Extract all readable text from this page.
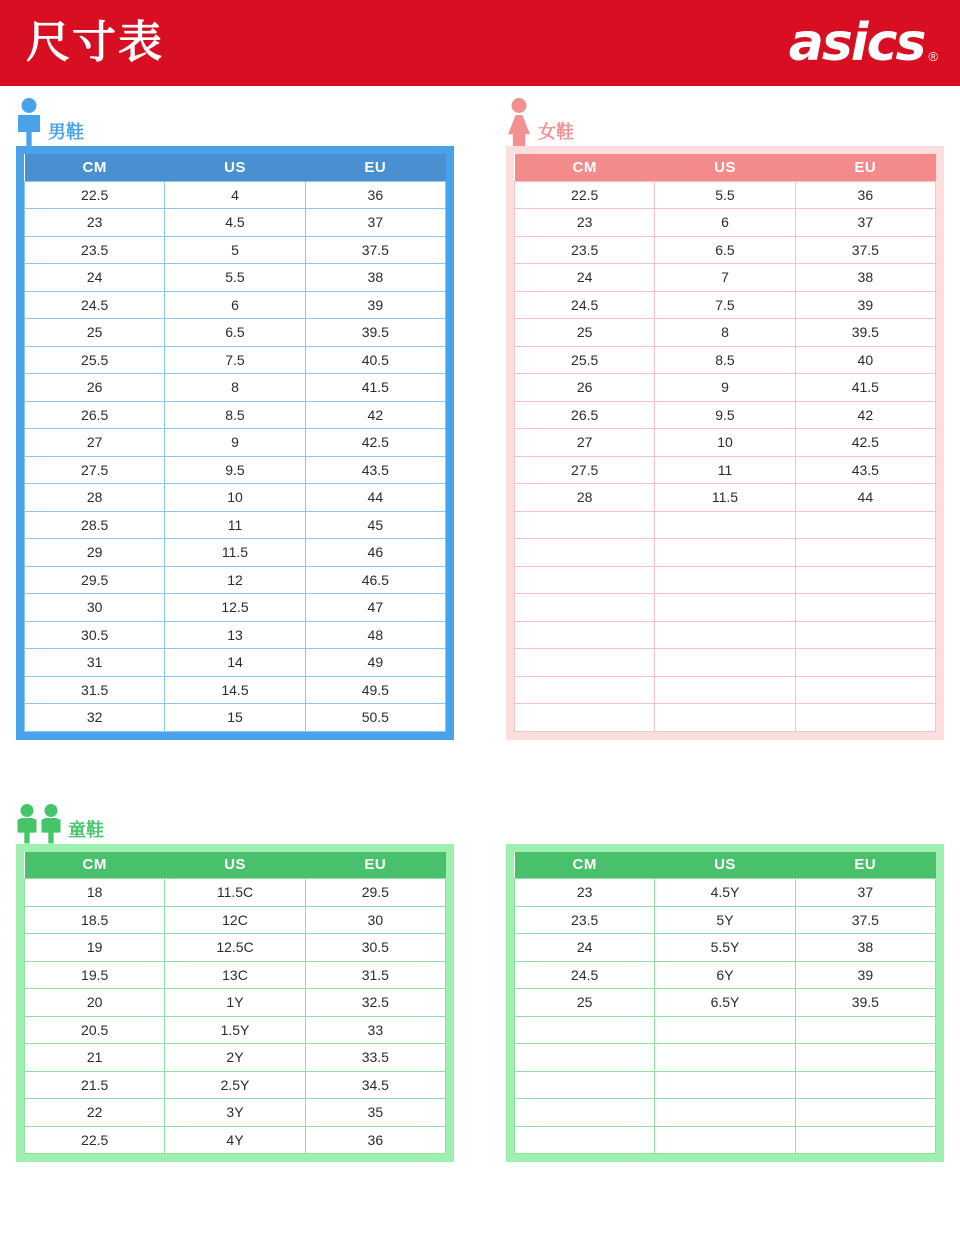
尺寸表	asics ®
男鞋	女鞋
CM	US	EU
22.5	4	36
23	4.5	37
23.5	5	37.5
24	5.5	38
24.5	6	39
25	6.5	39.5
25.5	7.5	40.5
26	8	41.5
26.5	8.5	42
27	9	42.5
27.5	9.5	43.5
28	10	44
28.5	11	45
29	11.5	46
29.5	12	46.5
30	12.5	47
30.5	13	48
31	14	49
31.5	14.5	49.5
32	15	50.5
CM	US	EU
22.5	5.5	36
23	6	37
23.5	6.5	37.5
24	7	38
24.5	7.5	39
25	8	39.5
25.5	8.5	40
26	9	41.5
26.5	9.5	42
27	10	42.5
27.5	11	43.5
28	11.5	44

童鞋
CM	US	EU
18	11.5C	29.5
18.5	12C	30
19	12.5C	30.5
19.5	13C	31.5
20	1Y	32.5
20.5	1.5Y	33
21	2Y	33.5
21.5	2.5Y	34.5
22	3Y	35
22.5	4Y	36
CM	US	EU
23	4.5Y	37
23.5	5Y	37.5
24	5.5Y	38
24.5	6Y	39
25	6.5Y	39.5
